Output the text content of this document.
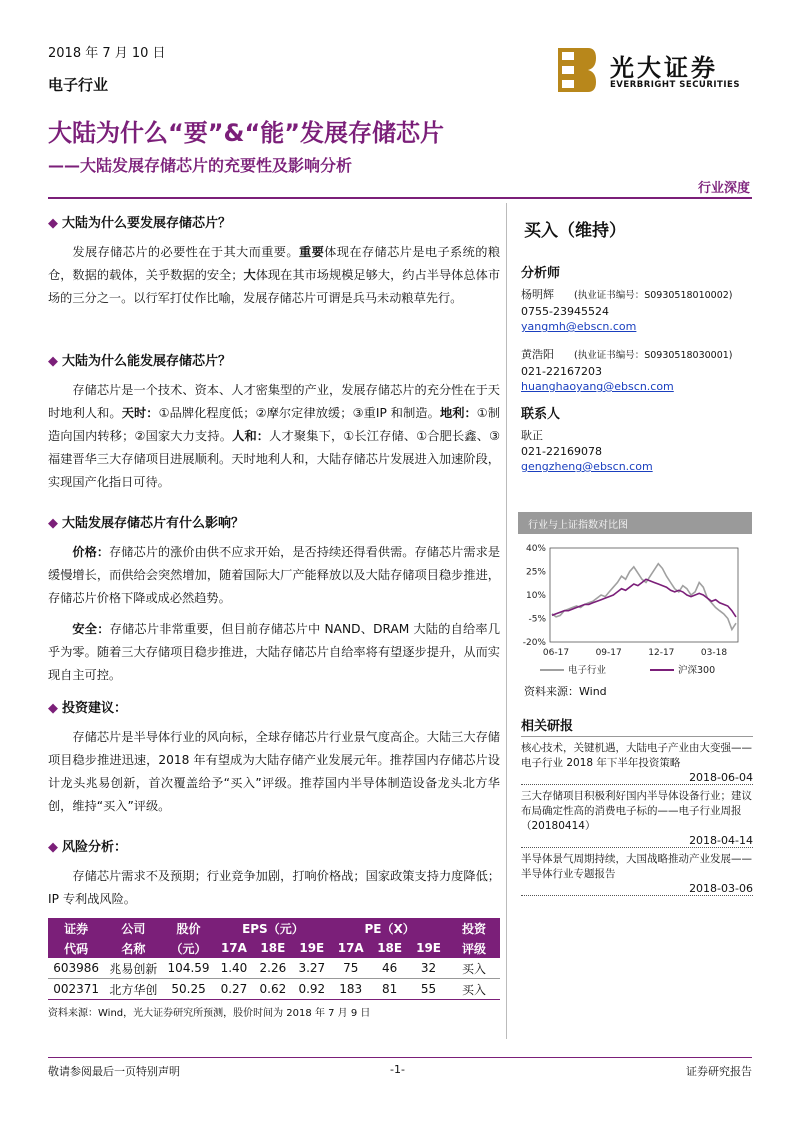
2018 年 7 月 10 日
电子行业
大陆为什么“要”&“能”发展存储芯片
——大陆发展存储芯片的充要性及影响分析
行业深度
光大证券
EVERBRIGHT SECURITIES

◆ 大陆为什么要发展存储芯片？

发展存储芯片的必要性在于其大而重要。重要体现在存储芯片是电子系统的粮仓，数据的载体，关乎数据的安全；大体现在其市场规模足够大，约占半导体总体市场的三分之一。以行军打仗作比喻，发展存储芯片可谓是兵马未动粮草先行。

◆ 大陆为什么能发展存储芯片？

存储芯片是一个技术、资本、人才密集型的产业，发展存储芯片的充分性在于天时地利人和。天时：①品牌化程度低；②摩尔定律放缓；③重IP 和制造。地利：①制造向国内转移；②国家大力支持。人和：人才聚集下，①长江存储、①合肥长鑫、③福建晋华三大存储项目进展顺利。天时地利人和，大陆存储芯片发展进入加速阶段，实现国产化指日可待。

◆ 大陆发展存储芯片有什么影响？

价格：存储芯片的涨价由供不应求开始，是否持续还得看供需。存储芯片需求是缓慢增长，而供给会突然增加，随着国际大厂产能释放以及大陆存储项目稳步推进，存储芯片价格下降或成必然趋势。

安全：存储芯片非常重要，但目前存储芯片中 NAND、DRAM 大陆的自给率几乎为零。随着三大存储项目稳步推进，大陆存储芯片自给率将有望逐步提升，从而实现自主可控。

◆ 投资建议：

存储芯片是半导体行业的风向标，全球存储芯片行业景气度高企。大陆三大存储项目稳步推进迅速，2018 年有望成为大陆存储产业发展元年。推荐国内存储芯片设计龙头兆易创新，首次覆盖给予“买入”评级。推荐国内半导体制造设备龙头北方华创，维持“买入”评级。

◆ 风险分析：

存储芯片需求不及预期；行业竞争加剧，打响价格战；国家政策支持力度降低；IP 专利战风险。

证券	公司	股价	EPS（元）			PE（X）			投资
代码	名称	（元）	17A	18E	19E	17A	18E	19E	评级
603986	兆易创新	104.59	1.40	2.26	3.27	75	46	32	买入
002371	北方华创	50.25	0.27	0.62	0.92	183	81	55	买入
资料来源：Wind，光大证券研究所预测，股价时间为 2018 年 7 月 9 日
买入（维持）
分析师
杨明辉 (执业证书编号：S0930518010002)
0755-23945524
yangmh@ebscn.com
黄浩阳 (执业证书编号：S0930518030001)
021-22167203
huanghaoyang@ebscn.com
联系人
耿正
021-22169078
gengzheng@ebscn.com
行业与上证指数对比图
40%
25%
10%
-5%
-20%
06-17	09-17	12-17	03-18
电子行业	沪深300
资料来源：Wind
相关研报
核心技术，关键机遇，大陆电子产业由大变强——电子行业 2018 年下半年投资策略
2018-06-04
三大存储项目积极利好国内半导体设备行业；建议布局确定性高的消费电子标的——电子行业周报（20180414）
2018-04-14
半导体景气周期持续，大国战略推动产业发展——半导体行业专题报告
2018-03-06
敬请参阅最后一页特别声明	-1-	证券研究报告
